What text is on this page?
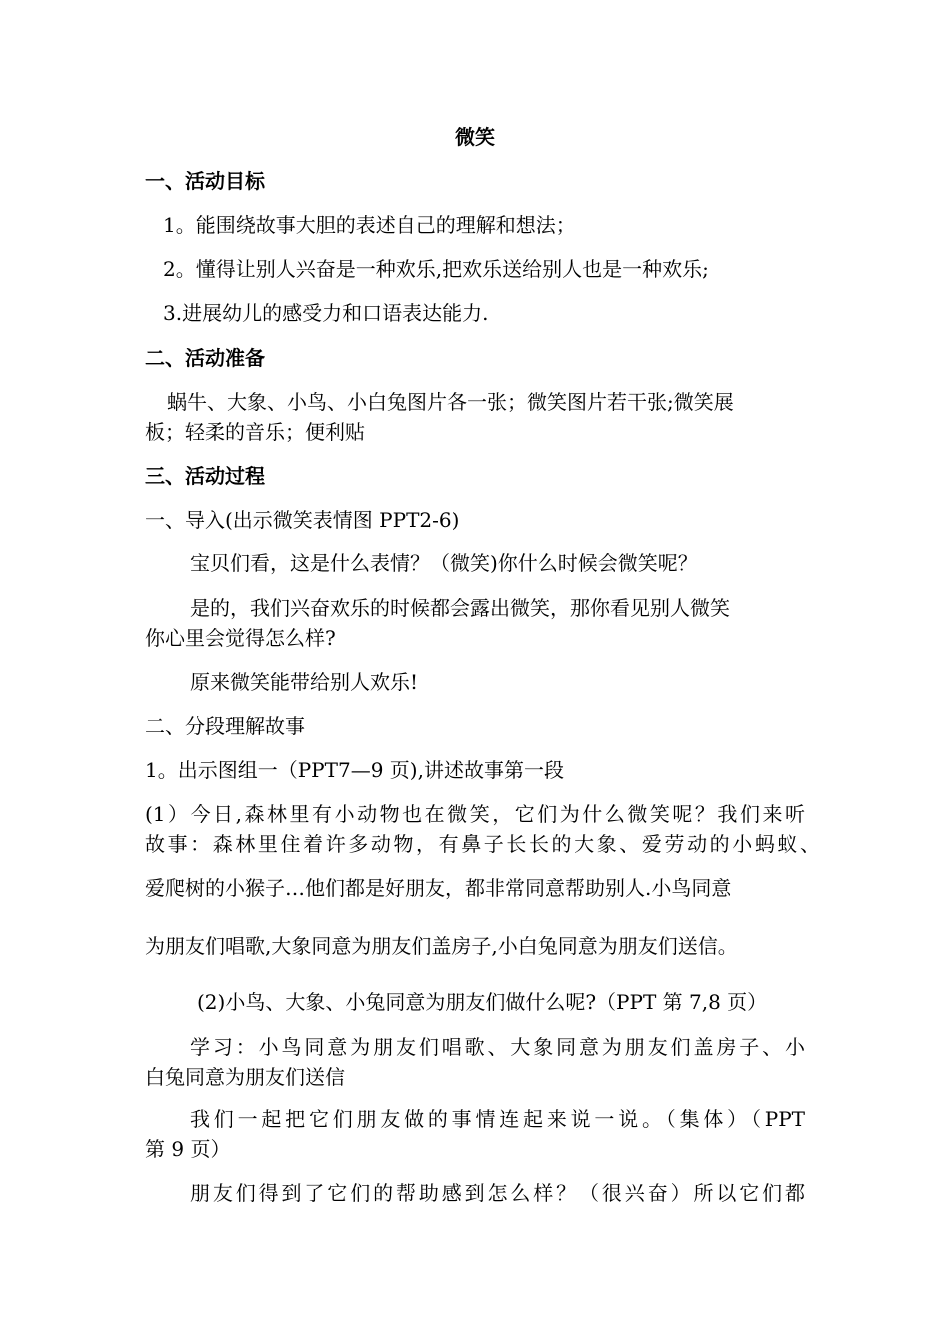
微笑
一、活动目标
1。能围绕故事大胆的表述自己的理解和想法；
2。懂得让别人兴奋是一种欢乐,把欢乐送给别人也是一种欢乐;
3.进展幼儿的感受力和口语表达能力.
二、活动准备
蜗牛、大象、小鸟、小白兔图片各一张；微笑图片若干张;微笑展
板；轻柔的音乐；便利贴
三、活动过程
一、导入(出示微笑表情图 PPT2-6)
宝贝们看，这是什么表情？（微笑)你什么时候会微笑呢？
是的，我们兴奋欢乐的时候都会露出微笑，那你看见别人微笑
你心里会觉得怎么样?
原来微笑能带给别人欢乐!
二、分段理解故事
1。出示图组一（PPT7—9 页),讲述故事第一段
(1）今日,森林里有小动物也在微笑，它们为什么微笑呢？我们来听
故事：森林里住着许多动物，有鼻子长长的大象、爱劳动的小蚂蚁、
爱爬树的小猴子…他们都是好朋友，都非常同意帮助别人.小鸟同意
为朋友们唱歌,大象同意为朋友们盖房子,小白兔同意为朋友们送信。
(2)小鸟、大象、小兔同意为朋友们做什么呢?（PPT 第 7,8 页）
学习：小鸟同意为朋友们唱歌、大象同意为朋友们盖房子、小
白兔同意为朋友们送信
我们一起把它们朋友做的事情连起来说一说。（集体）（PPT
第 9 页）
朋友们得到了它们的帮助感到怎么样？（很兴奋）所以它们都
